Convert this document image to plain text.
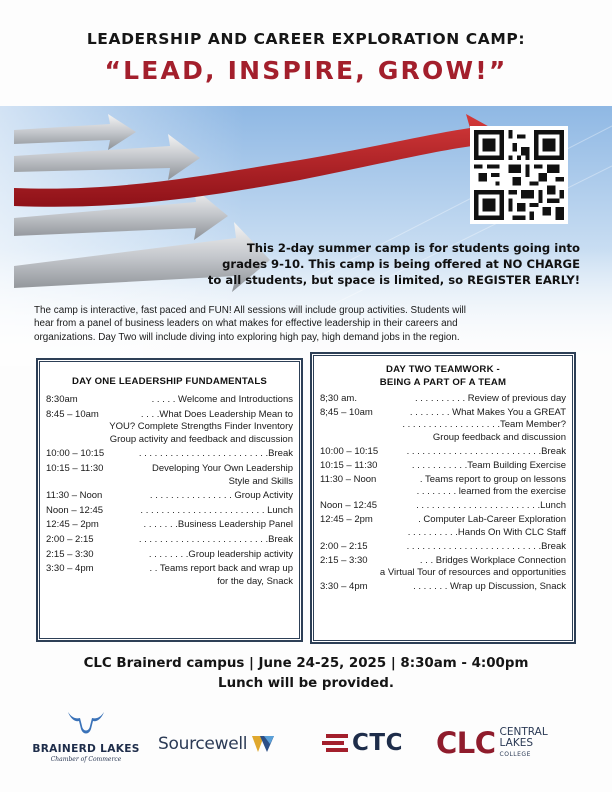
LEADERSHIP AND CAREER EXPLORATION CAMP:
“LEAD, INSPIRE, GROW!”
This 2-day summer camp is for students going into
grades 9-10. This camp is being offered at NO CHARGE
to all students, but space is limited, so REGISTER EARLY!
The camp is interactive, fast paced and FUN! All sessions will include group activities. Students will
hear from a panel of business leaders on what makes for effective leadership in their careers and
organizations. Day Two will include diving into exploring high pay, high demand jobs in the region.
DAY ONE LEADERSHIP FUNDAMENTALS
8:30am	. . . . . Welcome and Introductions
8:45 – 10am	. . . .What Does Leadership Mean to
YOU? Complete Strengths Finder Inventory
Group activity and feedback and discussion
10:00 – 10:15	. . . . . . . . . . . . . . . . . . . . . . . . .Break
10:15 – 11:30	Developing Your Own Leadership
Style and Skills
11:30 – Noon	. . . . . . . . . . . . . . . . Group Activity
Noon – 12:45	. . . . . . . . . . . . . . . . . . . . . . . . Lunch
12:45 – 2pm	. . . . . . .Business Leadership Panel
2:00 – 2:15	. . . . . . . . . . . . . . . . . . . . . . . . .Break
2:15 – 3:30	. . . . . . . .Group leadership activity
3:30 – 4pm	. . Teams report back and wrap up
for the day, Snack
DAY TWO TEAMWORK -
BEING A PART OF A TEAM
8;30 am.	. . . . . . . . . . Review of previous day
8;45 – 10am	. . . . . . . . What Makes You a GREAT
. . . . . . . . . . . . . . . . . . .Team Member?
Group feedback and discussion
10:00 – 10:15	. . . . . . . . . . . . . . . . . . . . . . . . . .Break
10:15 – 11:30	. . . . . . . . . . .Team Building Exercise
11:30 – Noon	. Teams report to group on lessons
. . . . . . . . learned from the exercise
Noon – 12:45	. . . . . . . . . . . . . . . . . . . . . . . .Lunch
12:45 – 2pm	. Computer Lab-Career Exploration
. . . . . . . . . .Hands On With CLC Staff
2:00 – 2:15	. . . . . . . . . . . . . . . . . . . . . . . . . .Break
2:15 – 3:30	. . . Bridges Workplace Connection
a Virtual Tour of resources and opportunities
3:30 – 4pm	. . . . . . . Wrap up Discussion, Snack
CLC Brainerd campus | June 24-25, 2025 | 8:30am - 4:00pm
Lunch will be provided.
BRAINERD LAKES
Chamber of Commerce
Sourcewell	CTC CLC CENTRAL
LAKES
COLLEGE
